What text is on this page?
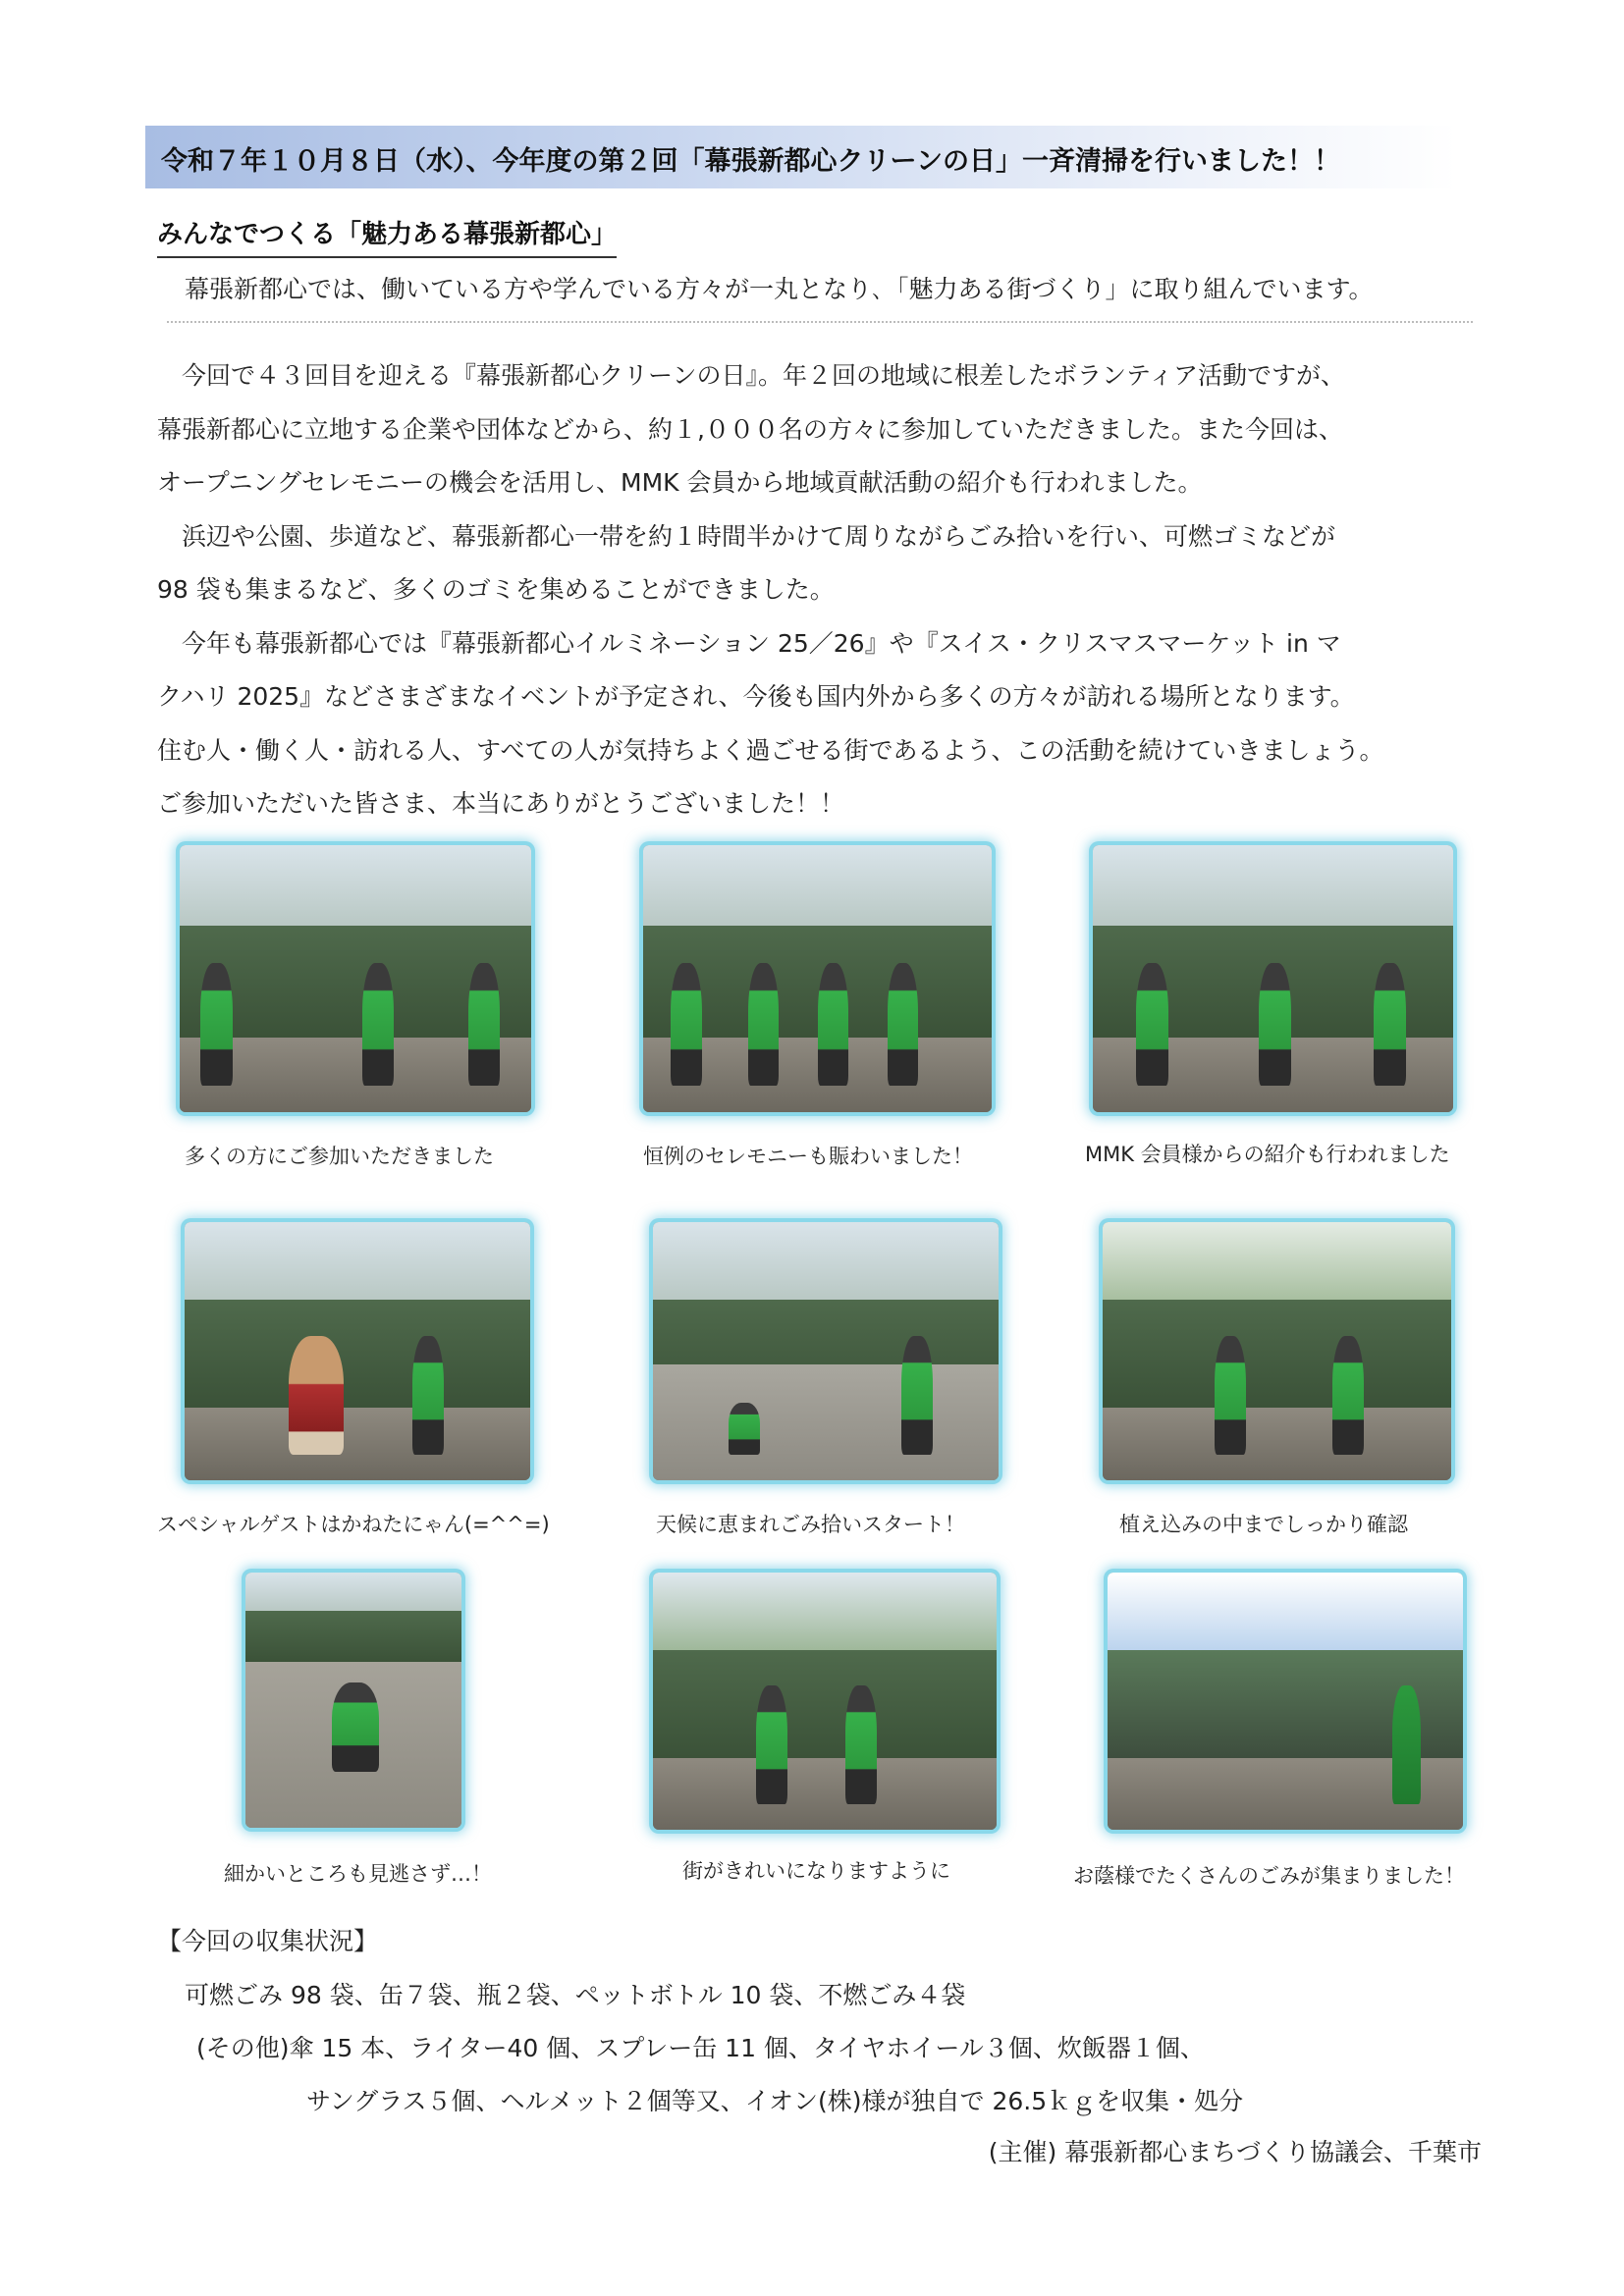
令和７年１０月８日（水）、今年度の第２回「幕張新都心クリーンの日」一斉清掃を行いました！！
みんなでつくる「魅力ある幕張新都心」
幕張新都心では、働いている方や学んでいる方々が一丸となり､「魅力ある街づくり」に取り組んでいます。
　今回で４３回目を迎える『幕張新都心クリーンの日』。年２回の地域に根差したボランティア活動ですが、
幕張新都心に立地する企業や団体などから、約１,０００名の方々に参加していただきました。また今回は、
オープニングセレモニーの機会を活用し、MMK 会員から地域貢献活動の紹介も行われました。
　浜辺や公園、歩道など、幕張新都心一帯を約１時間半かけて周りながらごみ拾いを行い、可燃ゴミなどが
98 袋も集まるなど、多くのゴミを集めることができました。
　今年も幕張新都心では『幕張新都心イルミネーション 25／26』や『スイス・クリスマスマーケット in マ
クハリ 2025』などさまざまなイベントが予定され、今後も国内外から多くの方々が訪れる場所となります。
住む人・働く人・訪れる人、すべての人が気持ちよく過ごせる街であるよう、この活動を続けていきましょう。
ご参加いただいた皆さま、本当にありがとうございました！！
多くの方にご参加いただきました	恒例のセレモニーも賑わいました！	MMK 会員様からの紹介も行われました
スペシャルゲストはかねたにゃん(=^^=)	天候に恵まれごみ拾いスタート！	植え込みの中までしっかり確認
細かいところも見逃さず…！	街がきれいになりますように	お蔭様でたくさんのごみが集まりました！
【今回の収集状況】
可燃ごみ 98 袋、缶７袋、瓶２袋、ペットボトル 10 袋、不燃ごみ４袋
(その他)傘 15 本、ライター40 個、スプレー缶 11 個、タイヤホイール３個、炊飯器１個、
サングラス５個、ヘルメット２個等又、イオン(株)様が独自で 26.5ｋｇを収集・処分
(主催) 幕張新都心まちづくり協議会、千葉市
